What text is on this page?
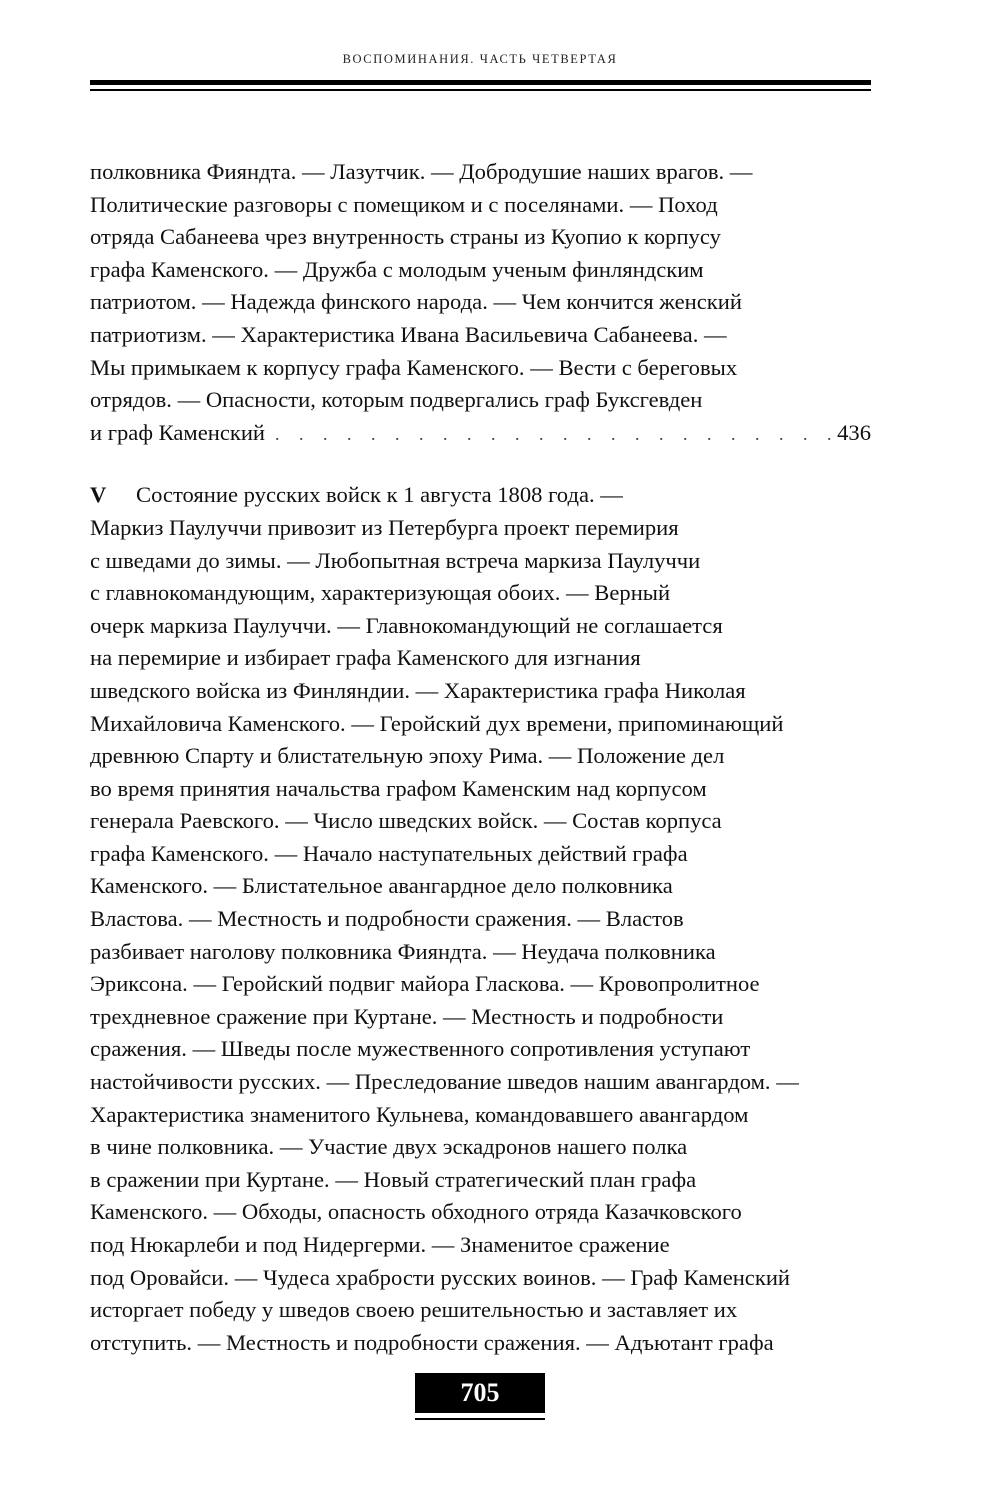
ВОСПОМИНАНИЯ. ЧАСТЬ ЧЕТВЕРТАЯ
полковника Фияндта. — Лазутчик. — Добродушие наших врагов. —
Политические разговоры с помещиком и с поселянами. — Поход
отряда Сабанеева чрез внутренность страны из Куопио к корпусу
графа Каменского. — Дружба с молодым ученым финляндским
патриотом. — Надежда финского народа. — Чем кончится женский
патриотизм. — Характеристика Ивана Васильевича Сабанеева. —
Мы примыкаем к корпусу графа Каменского. — Вести с береговых
отрядов. — Опасности, которым подвергались граф Буксгевден
и граф Каменский
. . .	436
V Состояние русских войск к 1 августа 1808 года. —
Маркиз Паулуччи привозит из Петербурга проект перемирия
с шведами до зимы. — Любопытная встреча маркиза Паулуччи
с главнокомандующим, характеризующая обоих. — Верный
очерк маркиза Паулуччи. — Главнокомандующий не соглашается
на перемирие и избирает графа Каменского для изгнания
шведского войска из Финляндии. — Характеристика графа Николая
Михайловича Каменского. — Геройский дух времени, припоминающий
древнюю Спарту и блистательную эпоху Рима. — Положение дел
во время принятия начальства графом Каменским над корпусом
генерала Раевского. — Число шведских войск. — Состав корпуса
графа Каменского. — Начало наступательных действий графа
Каменского. — Блистательное авангардное дело полковника
Властова. — Местность и подробности сражения. — Властов
разбивает наголову полковника Фияндта. — Неудача полковника
Эриксона. — Геройский подвиг майора Гласкова. — Кровопролитное
трехдневное сражение при Куртане. — Местность и подробности
сражения. — Шведы после мужественного сопротивления уступают
настойчивости русских. — Преследование шведов нашим авангардом. —
Характеристика знаменитого Кульнева, командовавшего авангардом
в чине полковника. — Участие двух эскадронов нашего полка
в сражении при Куртане. — Новый стратегический план графа
Каменского. — Обходы, опасность обходного отряда Казачковского
под Нюкарлеби и под Нидергерми. — Знаменитое сражение
под Оровайси. — Чудеса храбрости русских воинов. — Граф Каменский
исторгает победу у шведов своею решительностью и заставляет их
отступить. — Местность и подробности сражения. — Адъютант графа
705
